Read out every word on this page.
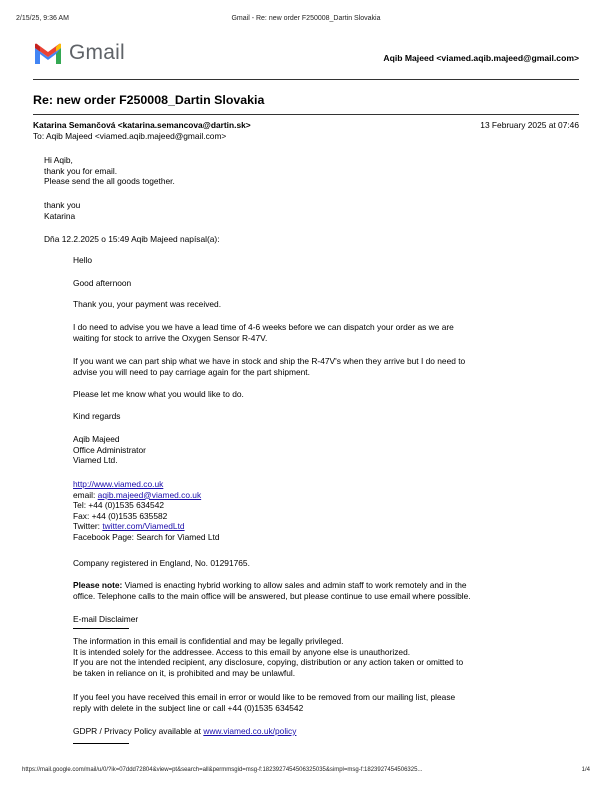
2/15/25, 9:36 AM	Gmail - Re: new order F250008_Dartin Slovakia
Gmail	Aqib Majeed <viamed.aqib.majeed@gmail.com>
Re: new order F250008_Dartin Slovakia
Katarina Semančová <katarina.semancova@dartin.sk>	13 February 2025 at 07:46
To: Aqib Majeed <viamed.aqib.majeed@gmail.com>
Hi Aqib,
thank you for email.
Please send the all goods together.
thank you
Katarina
Dňa 12.2.2025 o 15:49 Aqib Majeed napísal(a):
Hello
Good afternoon
Thank you, your payment was received.
I do need to advise you we have a lead time of 4-6 weeks before we can dispatch your order as we are
waiting for stock to arrive the Oxygen Sensor R-47V.
If you want we can part ship what we have in stock and ship the R-47V's when they arrive but I do need to
advise you will need to pay carriage again for the part shipment.
Please let me know what you would like to do.
Kind regards
Aqib Majeed
Office Administrator
Viamed Ltd.
http://www.viamed.co.uk
email: aqib.majeed@viamed.co.uk
Tel: +44 (0)1535 634542
Fax: +44 (0)1535 635582
Twitter: twitter.com/ViamedLtd
Facebook Page: Search for Viamed Ltd
Company registered in England, No. 01291765.
Please note: Viamed is enacting hybrid working to allow sales and admin staff to work remotely and in the
office. Telephone calls to the main office will be answered, but please continue to use email where possible.
E-mail Disclaimer
The information in this email is confidential and may be legally privileged.
It is intended solely for the addressee. Access to this email by anyone else is unauthorized.
If you are not the intended recipient, any disclosure, copying, distribution or any action taken or omitted to
be taken in reliance on it, is prohibited and may be unlawful.
If you feel you have received this email in error or would like to be removed from our mailing list, please
reply with delete in the subject line or call +44 (0)1535 634542
GDPR / Privacy Policy available at www.viamed.co.uk/policy
https://mail.google.com/mail/u/0/?ik=07ddd72804&view=pt&search=all&permmsgid=msg-f:1823927454506325035&simpl=msg-f:1823927454506325...	1/4
